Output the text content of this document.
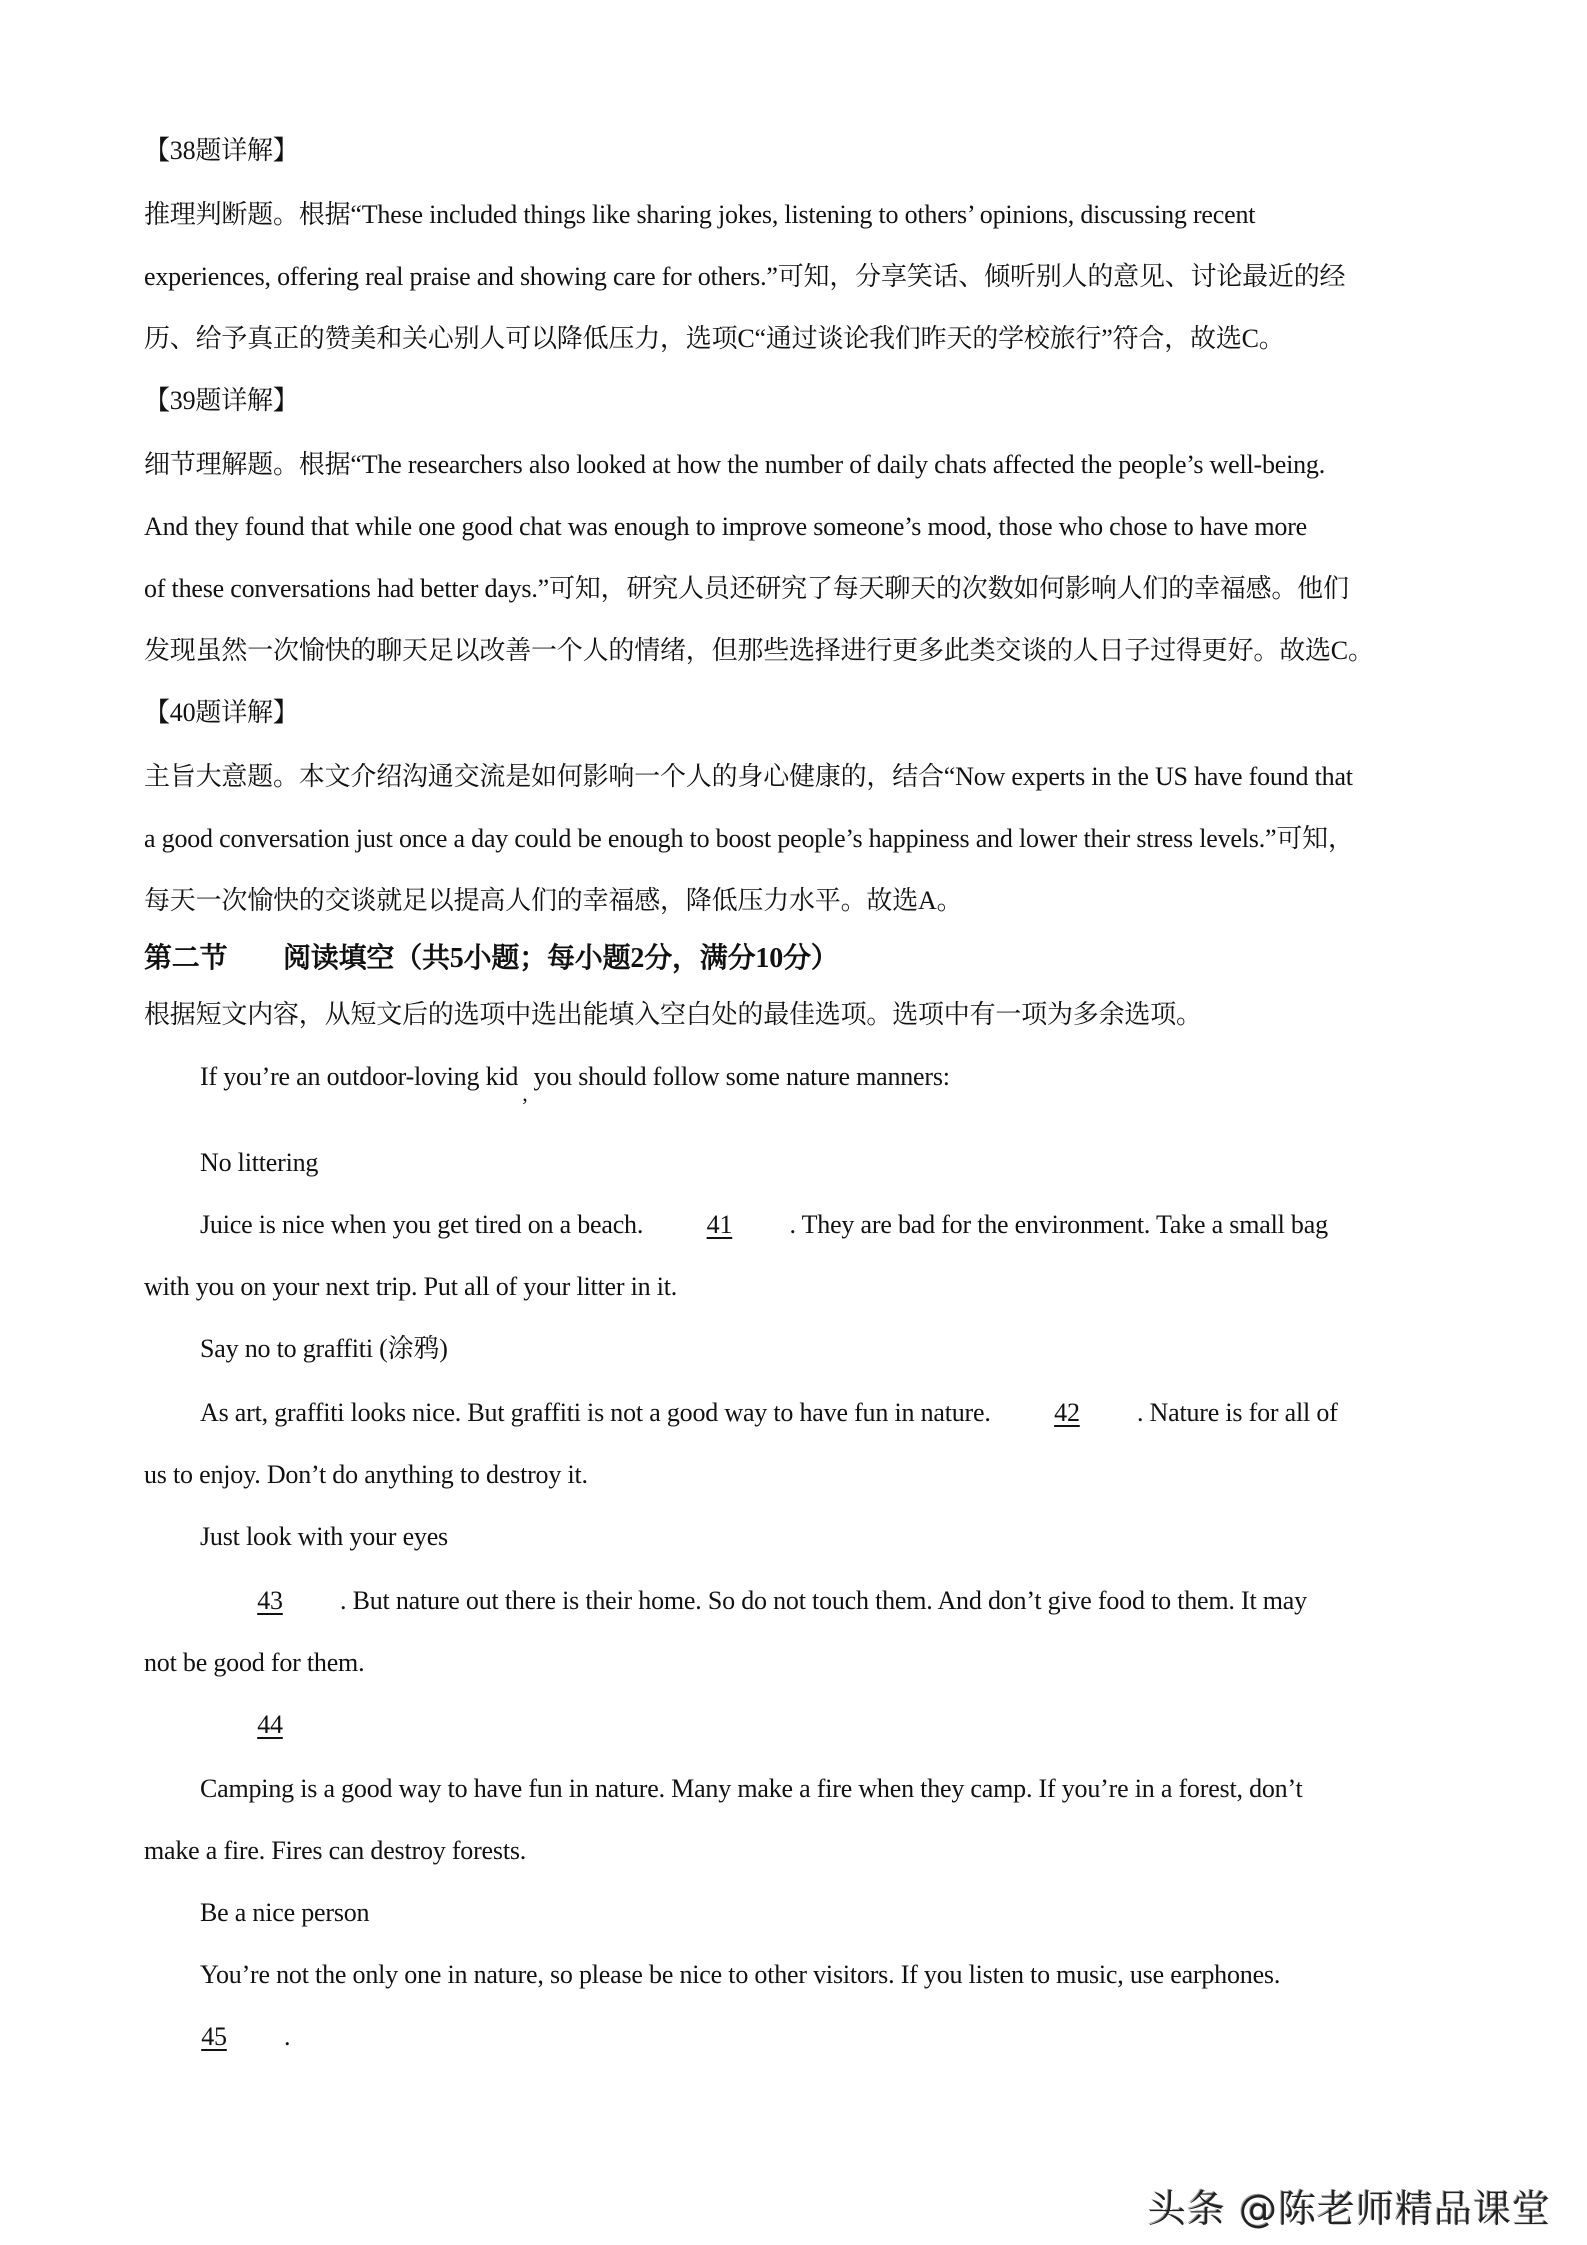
【38题详解】
推理判断题。根据“These included things like sharing jokes, listening to others’ opinions, discussing recent
experiences, offering real praise and showing care for others.”可知，分享笑话、倾听别人的意见、讨论最近的经
历、给予真正的赞美和关心别人可以降低压力，选项C“通过谈论我们昨天的学校旅行”符合，故选C。
【39题详解】
细节理解题。根据“The researchers also looked at how the number of daily chats affected the people’s well-being.
And they found that while one good chat was enough to improve someone’s mood, those who chose to have more
of these conversations had better days.”可知，研究人员还研究了每天聊天的次数如何影响人们的幸福感。他们
发现虽然一次愉快的聊天足以改善一个人的情绪，但那些选择进行更多此类交谈的人日子过得更好。故选C。
【40题详解】
主旨大意题。本文介绍沟通交流是如何影响一个人的身心健康的，结合“Now experts in the US have found that
a good conversation just once a day could be enough to boost people’s happiness and lower their stress levels.”可知，
每天一次愉快的交谈就足以提高人们的幸福感，降低压力水平。故选A。
第二节　　阅读填空（共5小题；每小题2分，满分10分）
根据短文内容，从短文后的选项中选出能填入空白处的最佳选项。选项中有一项为多余选项。
If you’re an outdoor-loving kid$_,$you should follow some nature manners:
No littering
Juice is nice when you get tired on a beach. 41 . They are bad for the environment. Take a small bag
with you on your next trip. Put all of your litter in it.
Say no to graffiti (涂鸦)
As art, graffiti looks nice. But graffiti is not a good way to have fun in nature. 42 . Nature is for all of
us to enjoy. Don’t do anything to destroy it.
Just look with your eyes
43 . But nature out there is their home. So do not touch them. And don’t give food to them. It may
not be good for them.
44
Camping is a good way to have fun in nature. Many make a fire when they camp. If you’re in a forest, don’t
make a fire. Fires can destroy forests.
Be a nice person
You’re not the only one in nature, so please be nice to other visitors. If you listen to music, use earphones.
45 .
头条 @陈老师精品课堂
